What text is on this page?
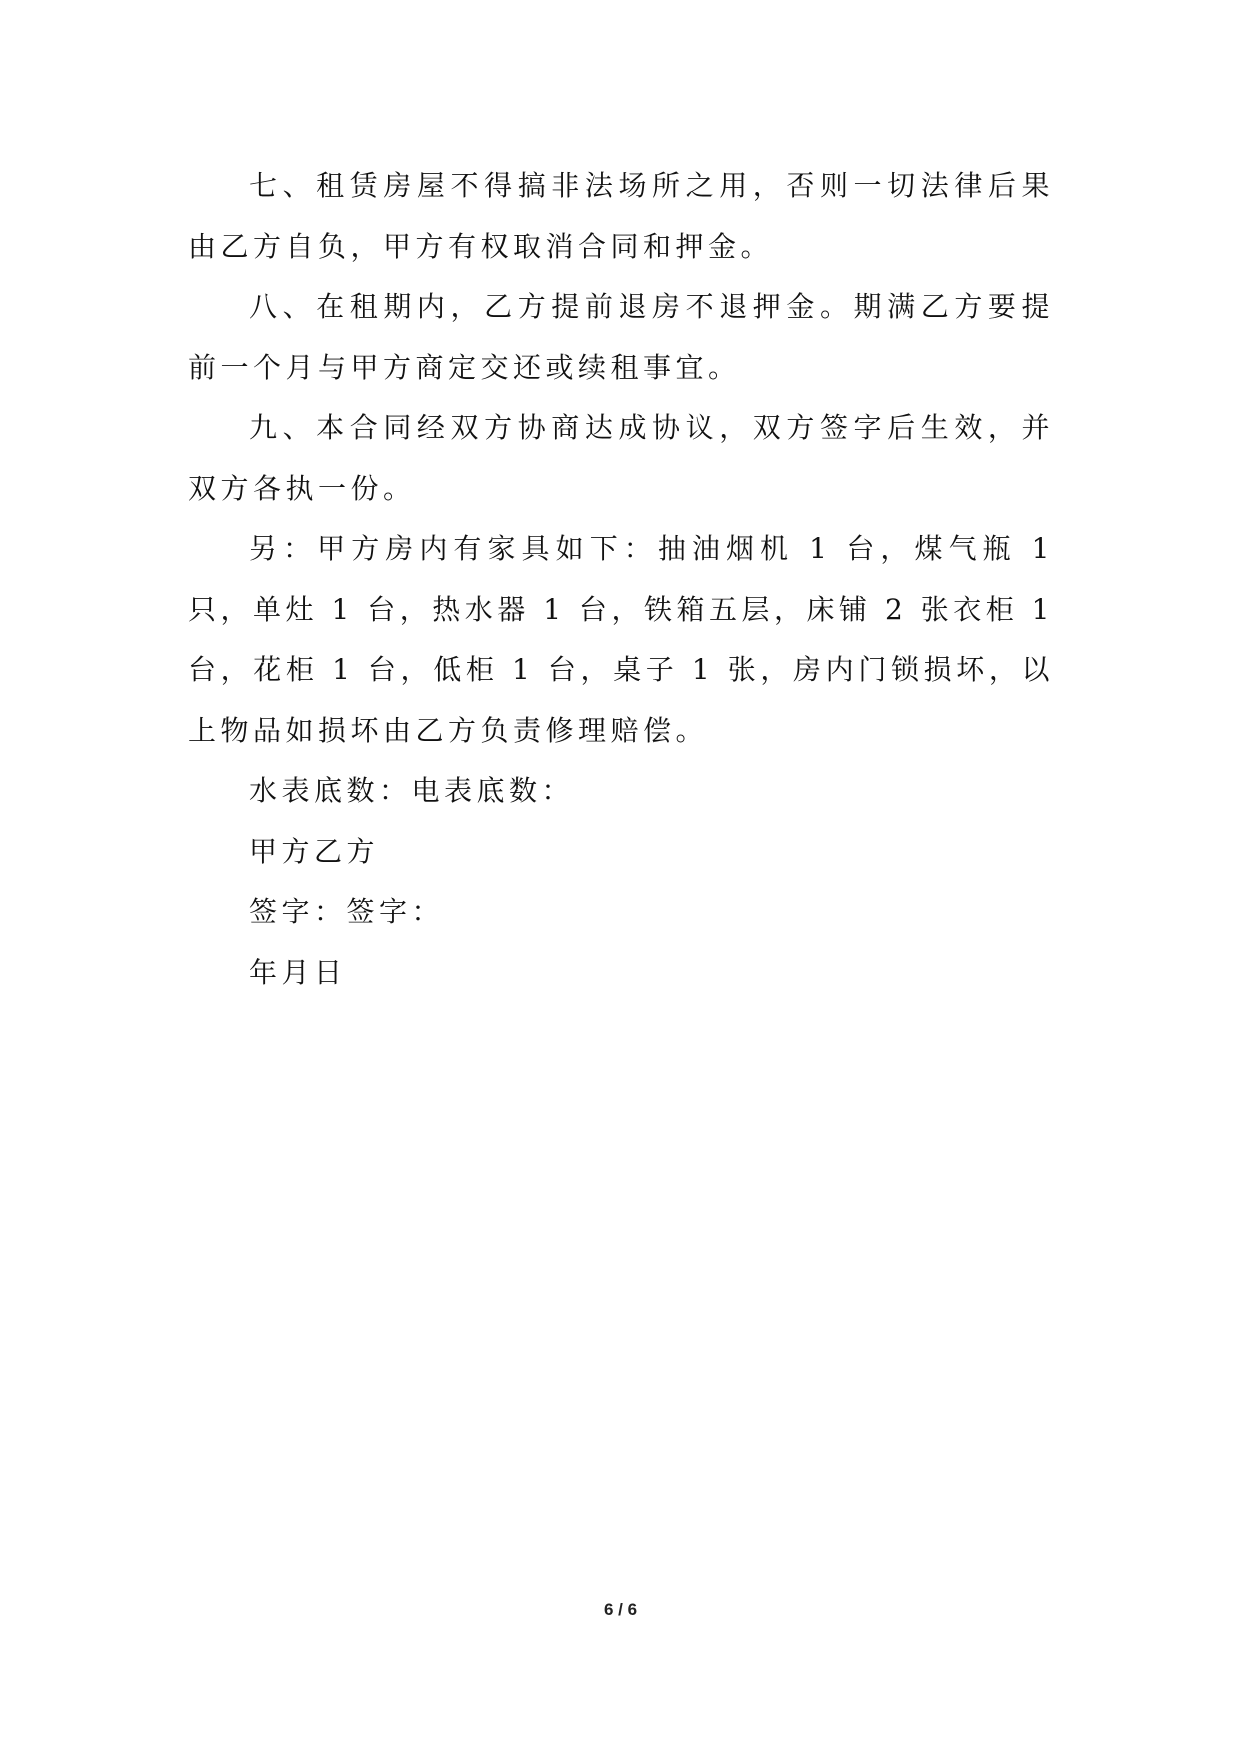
七、租赁房屋不得搞非法场所之用，否则一切法律后果由乙方自负，甲方有权取消合同和押金。

八、在租期内，乙方提前退房不退押金。期满乙方要提前一个月与甲方商定交还或续租事宜。

九、本合同经双方协商达成协议，双方签字后生效，并双方各执一份。

另：甲方房内有家具如下：抽油烟机 1 台，煤气瓶 1 只，单灶 1 台，热水器 1 台，铁箱五层，床铺 2 张衣柜 1 台，花柜 1 台，低柜 1 台，桌子 1 张，房内门锁损坏，以上物品如损坏由乙方负责修理赔偿。

水表底数：电表底数：

甲方乙方

签字：签字：

年月日

6 / 6
